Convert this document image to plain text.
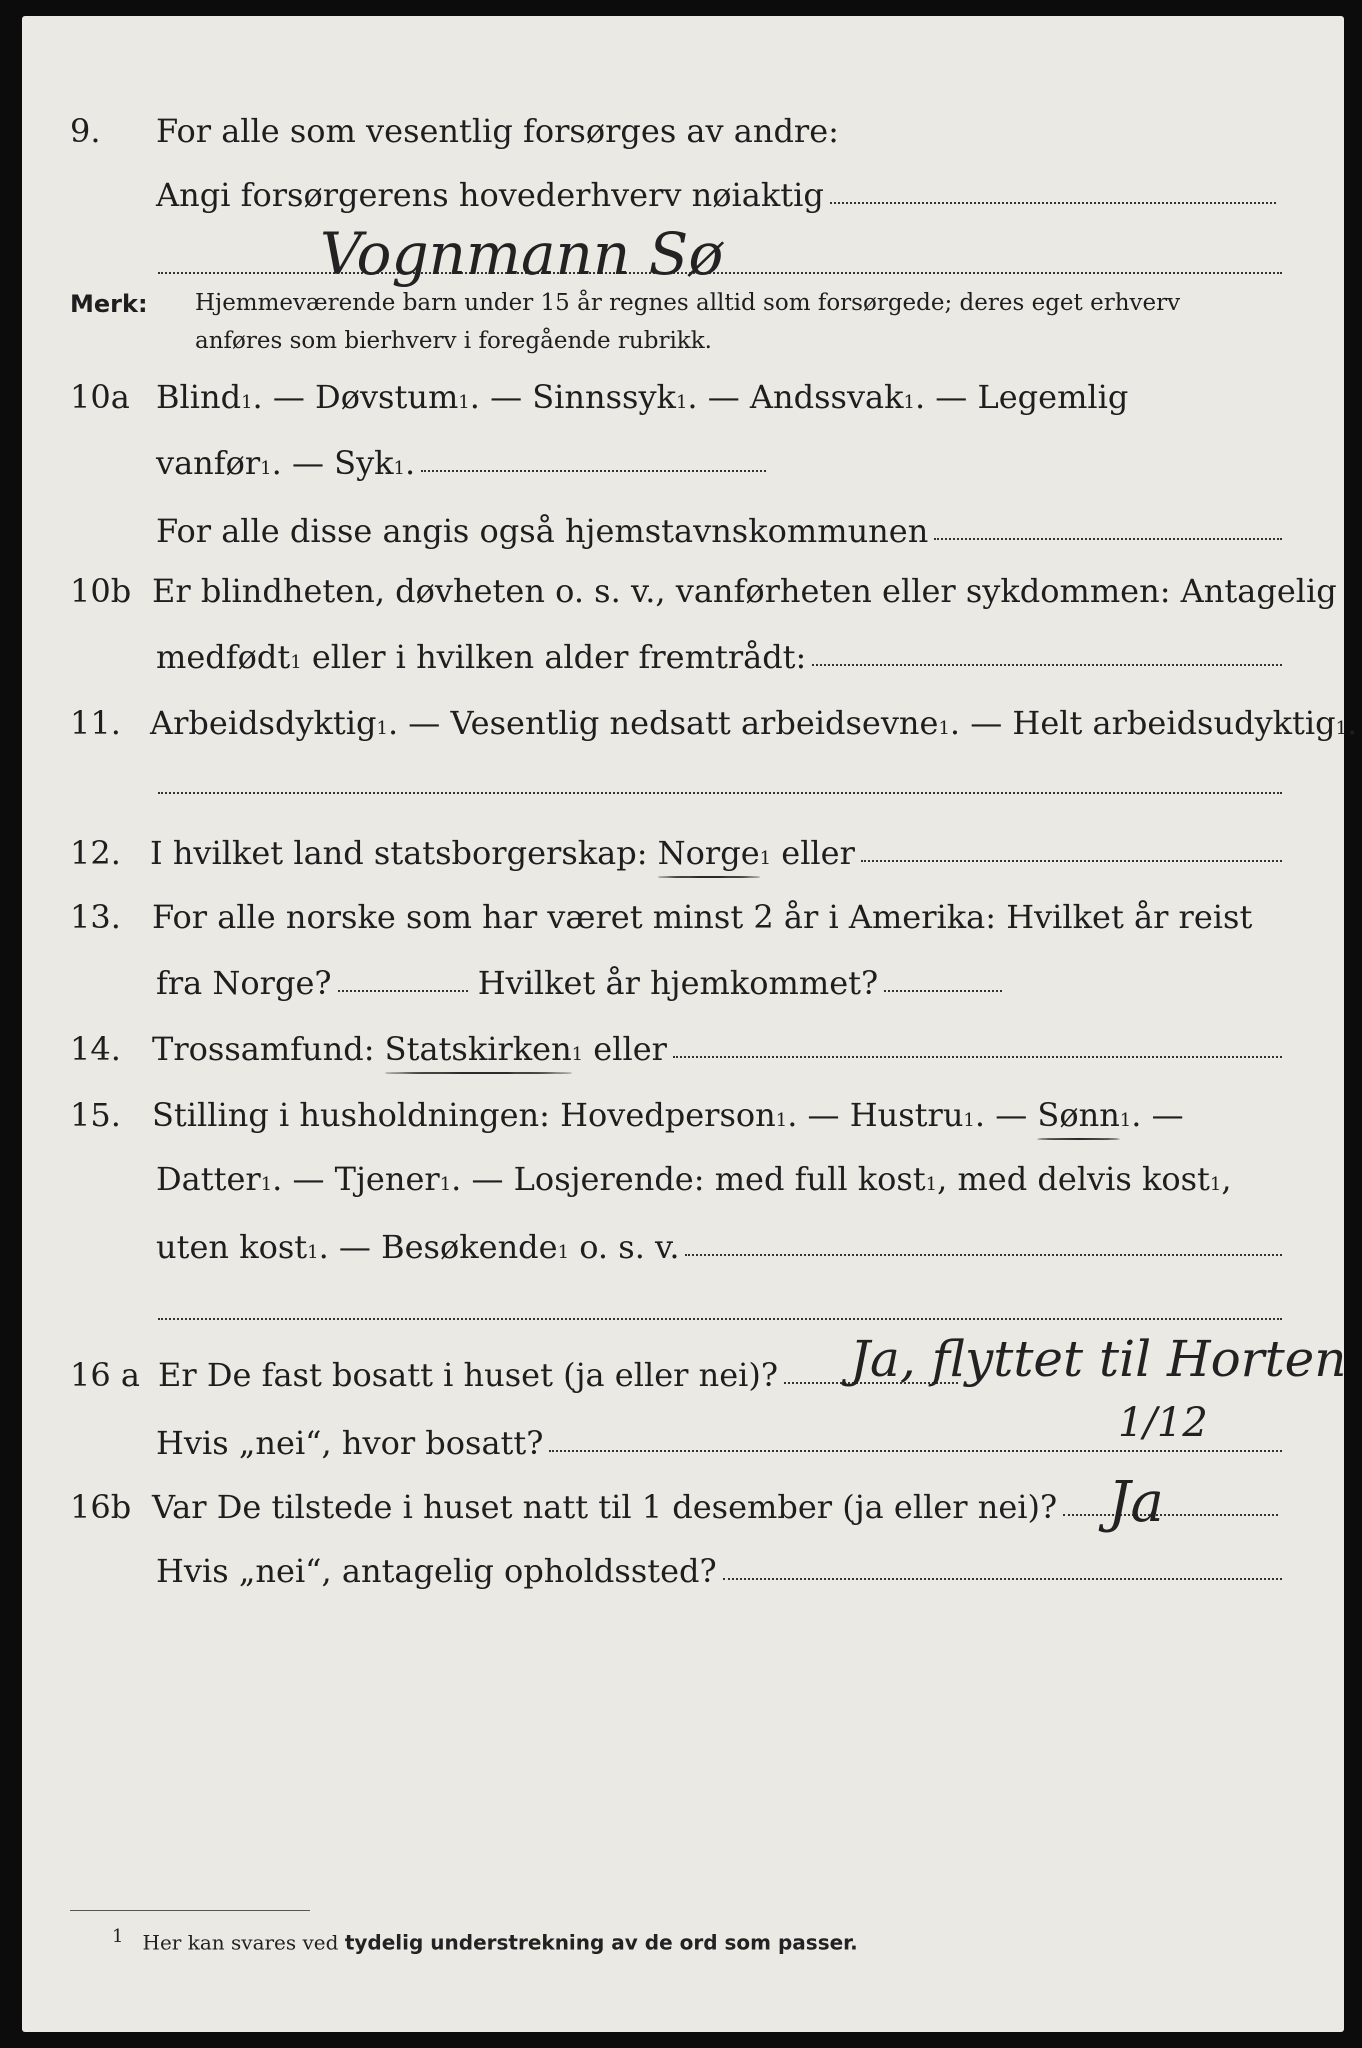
9. For alle som vesentlig forsørges av andre:
Angi forsørgerens hovederhverv nøiaktig
Vognmann Sø
Merk: Hjemmeværende barn under 15 år regnes alltid som forsørgede; deres eget erhverv
anføres som bierhverv i foregående rubrikk.
10a Blind 1 . — Døvstum 1 . — Sinnssyk 1 . — Andssvak 1 . — Legemlig
vanfør 1 . — Syk 1 .
For alle disse angis også hjemstavnskommunen
10b Er blindheten, døvheten o. s. v., vanførheten eller sykdommen: Antagelig
medfødt 1 eller i hvilken alder fremtrådt:
11. Arbeidsdyktig 1 . — Vesentlig nedsatt arbeidsevne 1 . — Helt arbeidsudyktig 1 .
12. I hvilket land statsborgerskap: Norge 1 eller
13. For alle norske som har været minst 2 år i Amerika: Hvilket år reist
fra Norge?	Hvilket år hjemkommet?
14. Trossamfund: Statskirken 1 eller
15. Stilling i husholdningen: Hovedperson 1 . — Hustru 1 . — Sønn 1 . —
Datter 1 . — Tjener 1 . — Losjerende: med full kost 1 , med delvis kost 1 ,
uten kost 1 . — Besøkende 1 o. s. v.
16 a Er De fast bosatt i huset (ja eller nei)? Ja, flyttet til Horten
Hvis „nei“, hvor bosatt?	1/12
16b Var De tilstede i huset natt til 1 desember (ja eller nei)? Ja
Hvis „nei“, antagelig opholdssted?
1 Her kan svares ved tydelig understrekning av de ord som passer.
